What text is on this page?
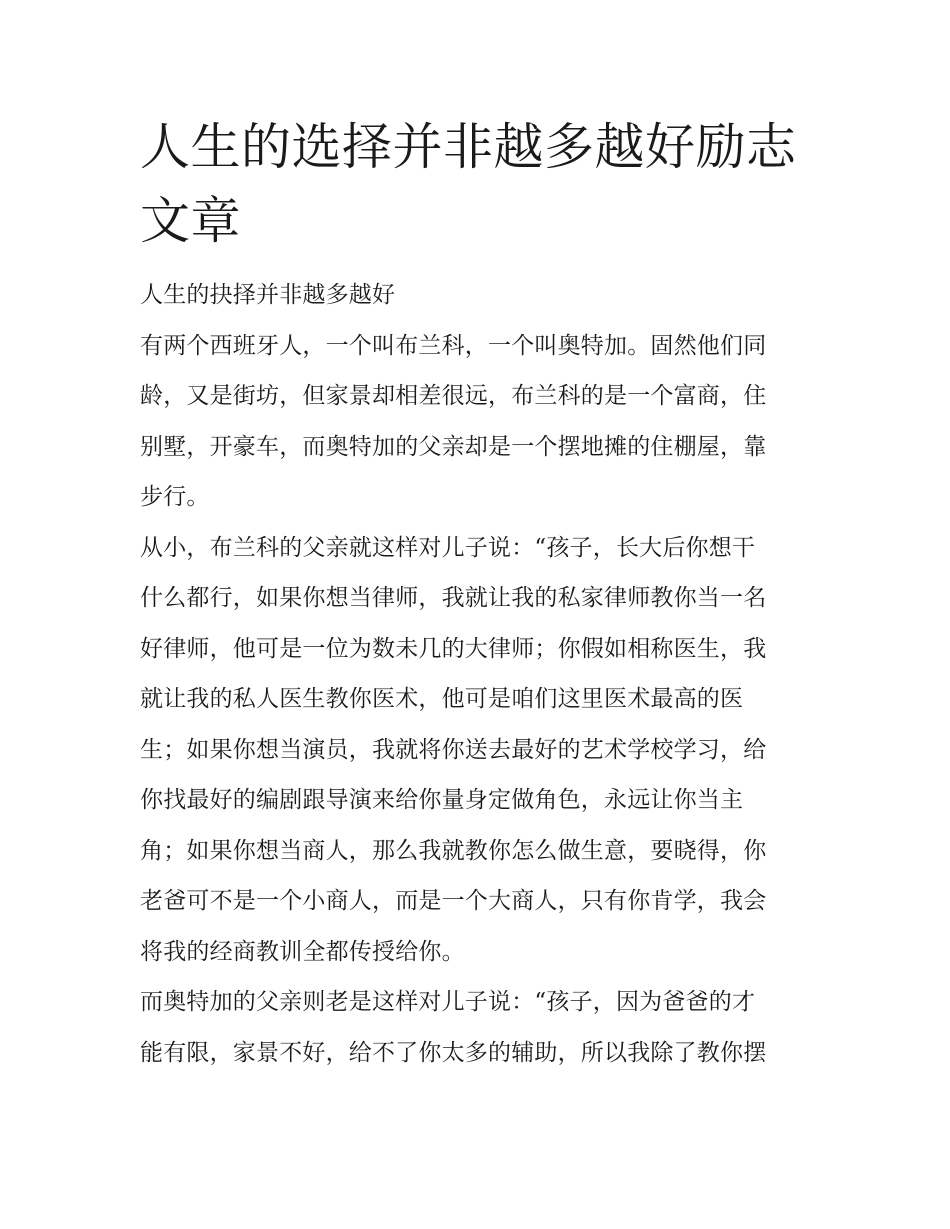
人生的选择并非越多越好励志
文章

人生的抉择并非越多越好

有两个西班牙人，一个叫布兰科，一个叫奥特加。固然他们同

龄，又是街坊，但家景却相差很远，布兰科的是一个富商，住

别墅，开豪车，而奥特加的父亲却是一个摆地摊的住棚屋，靠

步行。

从小，布兰科的父亲就这样对儿子说：“孩子，长大后你想干

什么都行，如果你想当律师，我就让我的私家律师教你当一名

好律师，他可是一位为数未几的大律师；你假如相称医生，我

就让我的私人医生教你医术，他可是咱们这里医术最高的医

生；如果你想当演员，我就将你送去最好的艺术学校学习，给

你找最好的编剧跟导演来给你量身定做角色，永远让你当主

角；如果你想当商人，那么我就教你怎么做生意，要晓得，你

老爸可不是一个小商人，而是一个大商人，只有你肯学，我会

将我的经商教训全都传授给你。

而奥特加的父亲则老是这样对儿子说：“孩子，因为爸爸的才

能有限，家景不好，给不了你太多的辅助，所以我除了教你摆
